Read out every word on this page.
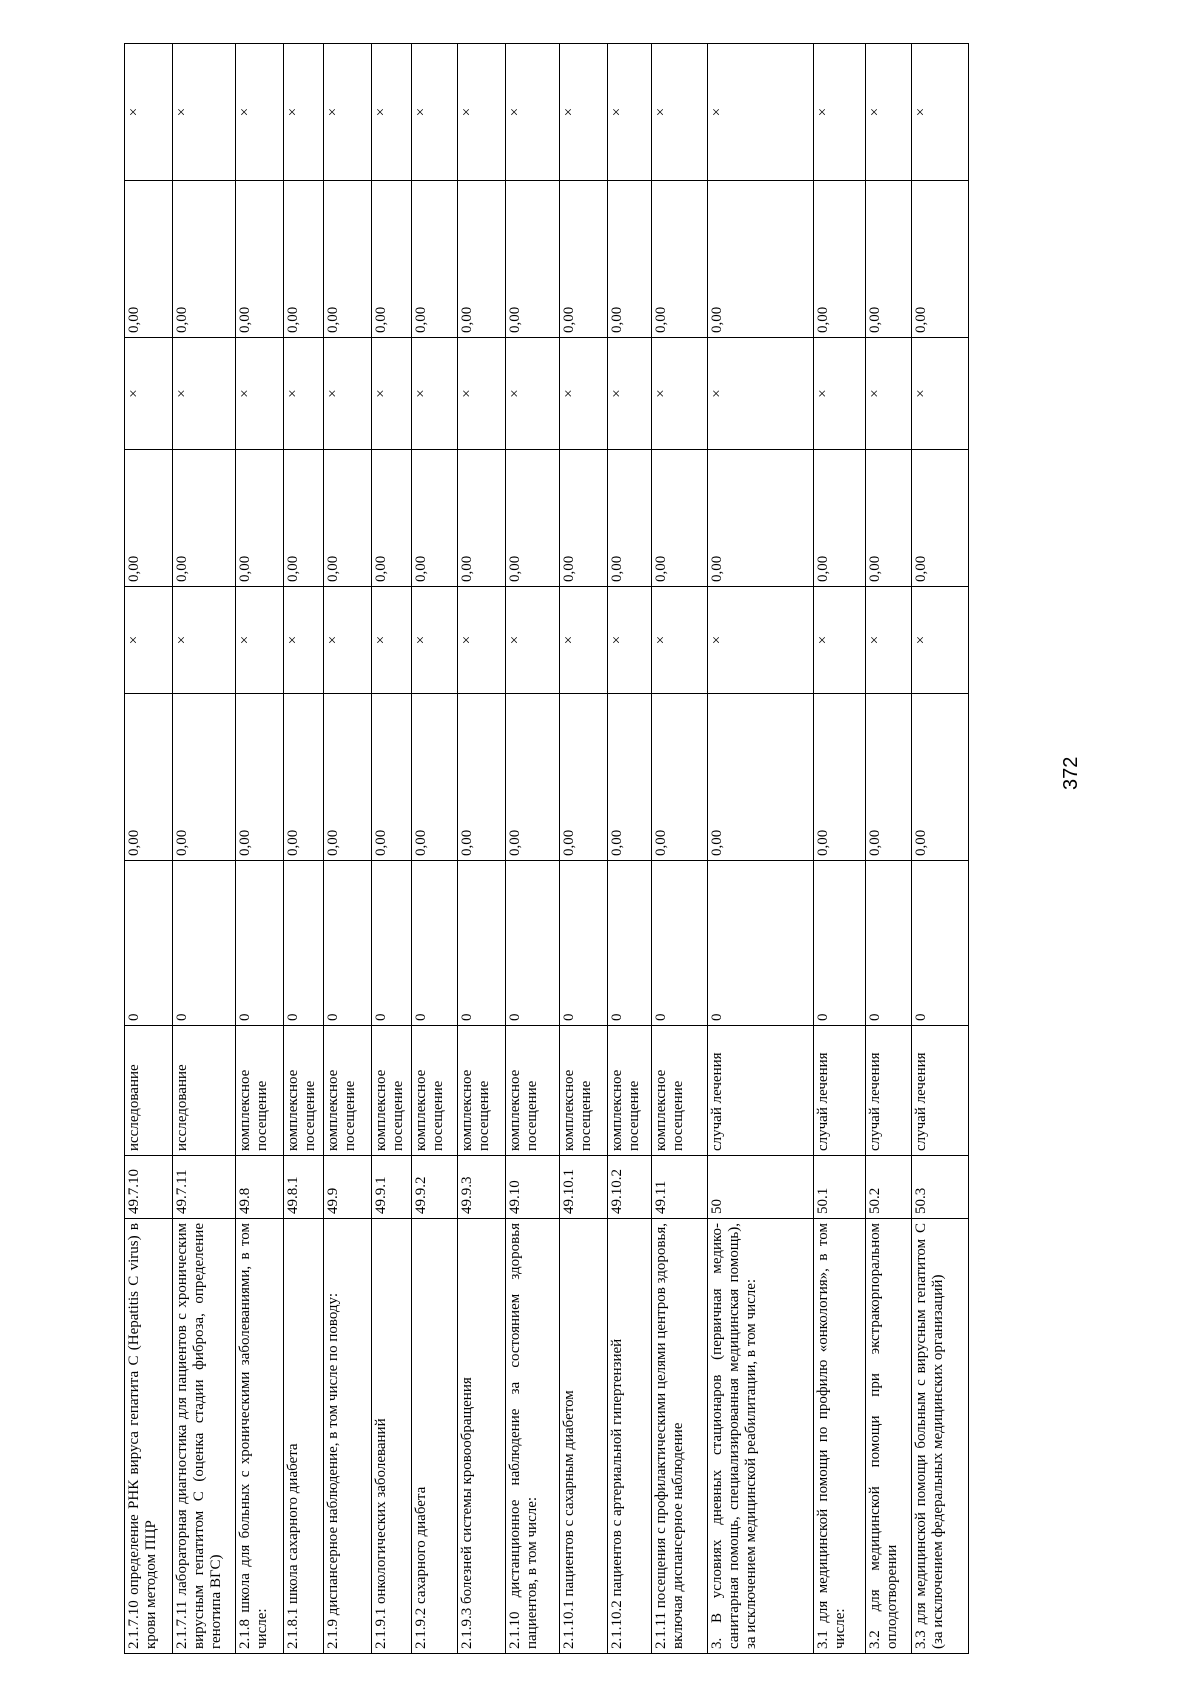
2.1.7.10 определение РНК вируса гепатита С (Hepatitis C virus) в крови методом ПЦР	49.7.10	исследование	0	0,00	×	0,00	×	0,00	×
2.1.7.11 лабораторная диагностика для пациентов с хроническим вирусным гепатитом С (оценка стадии фиброза, определение генотипа ВГС)	49.7.11	исследование	0	0,00	×	0,00	×	0,00	×
2.1.8 школа для больных с хроническими заболеваниями, в том числе:	49.8	комплексное посещение	0	0,00	×	0,00	×	0,00	×
2.1.8.1 школа сахарного диабета	49.8.1	комплексное посещение	0	0,00	×	0,00	×	0,00	×
2.1.9 диспансерное наблюдение, в том числе по поводу:	49.9	комплексное посещение	0	0,00	×	0,00	×	0,00	×
2.1.9.1 онкологических заболеваний	49.9.1	комплексное посещение	0	0,00	×	0,00	×	0,00	×
2.1.9.2 сахарного диабета	49.9.2	комплексное посещение	0	0,00	×	0,00	×	0,00	×
2.1.9.3 болезней системы кровообращения	49.9.3	комплексное посещение	0	0,00	×	0,00	×	0,00	×
2.1.10 дистанционное наблюдение за состоянием здоровья пациентов, в том числе:	49.10	комплексное посещение	0	0,00	×	0,00	×	0,00	×
2.1.10.1 пациентов с сахарным диабетом	49.10.1	комплексное посещение	0	0,00	×	0,00	×	0,00	×
2.1.10.2 пациентов с артериальной гипертензией	49.10.2	комплексное посещение	0	0,00	×	0,00	×	0,00	×
2.1.11 посещения с профилактическими целями центров здоровья, включая диспансерное наблюдение	49.11	комплексное посещение	0	0,00	×	0,00	×	0,00	×
3. В условиях дневных стационаров (первичная медико-санитарная помощь, специализированная медицинская помощь), за исключением медицинской реабилитации, в том числе:	50	случай лечения	0	0,00	×	0,00	×	0,00	×
3.1 для медицинской помощи по профилю «онкология», в том числе:	50.1	случай лечения	0	0,00	×	0,00	×	0,00	×
3.2 для медицинской помощи при экстракорпоральном оплодотворении	50.2	случай лечения	0	0,00	×	0,00	×	0,00	×
3.3 для медицинской помощи больным с вирусным гепатитом С (за исключением федеральных медицинских организаций)	50.3	случай лечения	0	0,00	×	0,00	×	0,00	×
372
